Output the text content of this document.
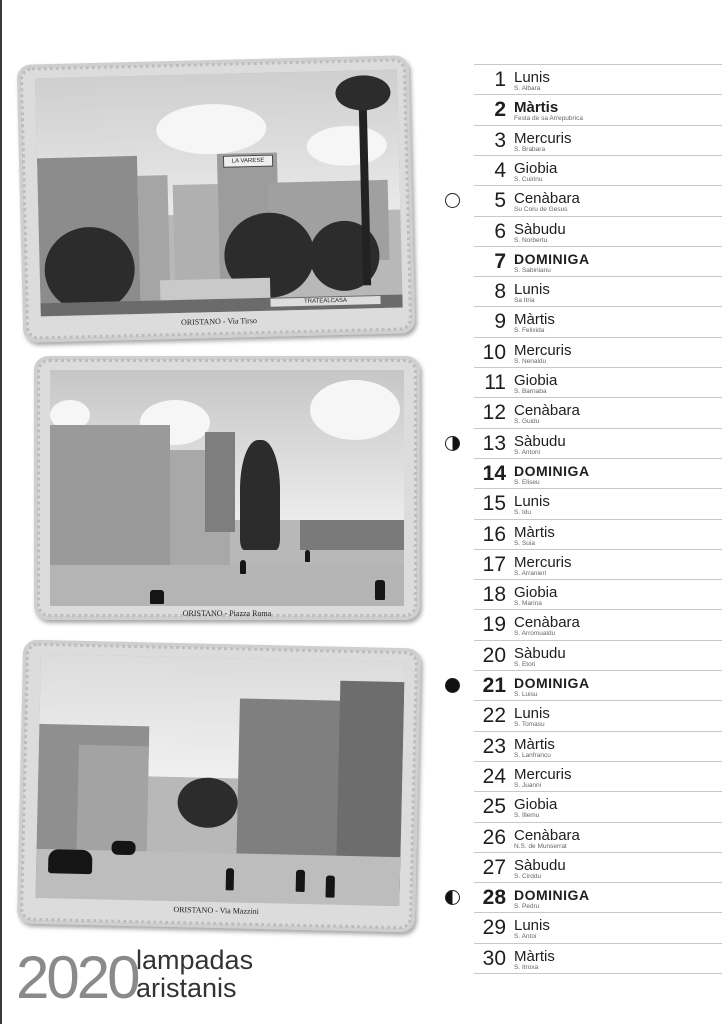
LA VARESE
TRATEALCASA
ORISTANO - Via Tirso
ORISTANO - Piazza Roma
ORISTANO - Via Mazzini
1 Lunis
S. Albara
2 Màrtis
Festa de sa Arrepubrica
3 Mercuris
S. Brabara
4 Giobia
S. Cuirinu
5 Cenàbara
Su Coru de Gesus
6 Sàbudu
S. Norbertu
7 DOMINIGA
S. Sabinianu
8 Lunis
Sa Itria
9 Màrtis
S. Felixida
10 Mercuris
S. Nenaldu
11 Giobia
S. Barnaba
12 Cenàbara
S. Guidu
13 Sàbudu
S. Antoni
14 DOMINIGA
S. Eliseu
15 Lunis
S. Idu
16 Màrtis
S. Suia
17 Mercuris
S. Arranieri
18 Giobia
S. Marina
19 Cenàbara
S. Arromualdu
20 Sàbudu
S. Etori
21 DOMINIGA
S. Luisu
22 Lunis
S. Tomasu
23 Màrtis
S. Lanfrancu
24 Mercuris
S. Juanni
25 Giobia
S. Illemu
26 Cenàbara
N.S. de Munserrat
27 Sàbudu
S. Cirddu
28 DOMINIGA
S. Pedru
29 Lunis
S. Antoi
30 Màrtis
S. Itroxa
2020
lampadas
aristanis
